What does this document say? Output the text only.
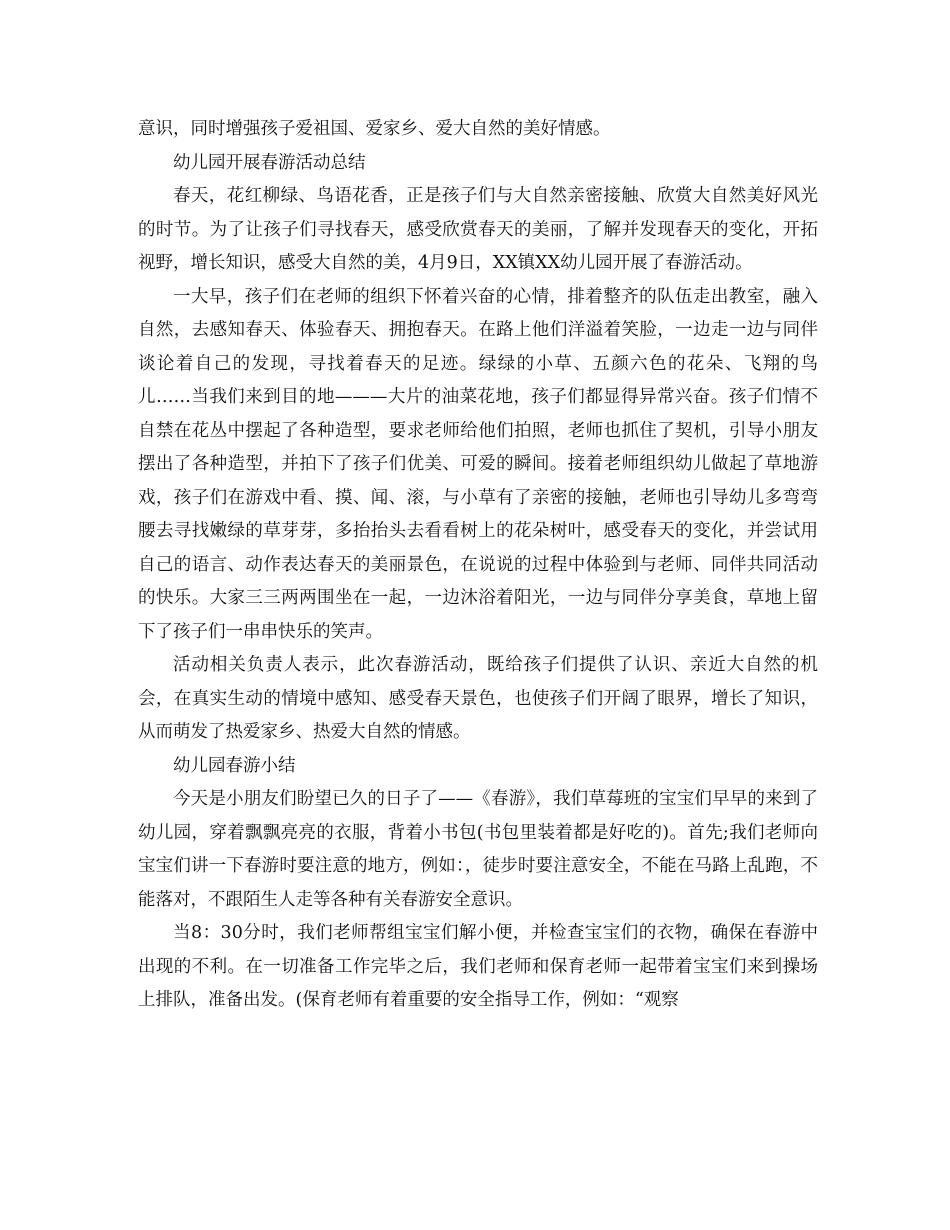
意识，同时增强孩子爱祖国、爱家乡、爱大自然的美好情感。

幼儿园开展春游活动总结

春天，花红柳绿、鸟语花香，正是孩子们与大自然亲密接触、欣赏大自然美好风光的时节。为了让孩子们寻找春天，感受欣赏春天的美丽，了解并发现春天的变化，开拓视野，增长知识，感受大自然的美，4月9日，XX镇XX幼儿园开展了春游活动。

一大早，孩子们在老师的组织下怀着兴奋的心情，排着整齐的队伍走出教室，融入自然，去感知春天、体验春天、拥抱春天。在路上他们洋溢着笑脸，一边走一边与同伴谈论着自己的发现，寻找着春天的足迹。绿绿的小草、五颜六色的花朵、飞翔的鸟儿……当我们来到目的地———大片的油菜花地，孩子们都显得异常兴奋。孩子们情不自禁在花丛中摆起了各种造型，要求老师给他们拍照，老师也抓住了契机，引导小朋友摆出了各种造型，并拍下了孩子们优美、可爱的瞬间。接着老师组织幼儿做起了草地游戏，孩子们在游戏中看、摸、闻、滚，与小草有了亲密的接触，老师也引导幼儿多弯弯腰去寻找嫩绿的草芽芽，多抬抬头去看看树上的花朵树叶，感受春天的变化，并尝试用自己的语言、动作表达春天的美丽景色，在说说的过程中体验到与老师、同伴共同活动的快乐。大家三三两两围坐在一起，一边沐浴着阳光，一边与同伴分享美食，草地上留下了孩子们一串串快乐的笑声。

活动相关负责人表示，此次春游活动，既给孩子们提供了认识、亲近大自然的机会，在真实生动的情境中感知、感受春天景色，也使孩子们开阔了眼界，增长了知识，从而萌发了热爱家乡、热爱大自然的情感。

幼儿园春游小结

今天是小朋友们盼望已久的日子了——《春游》，我们草莓班的宝宝们早早的来到了幼儿园，穿着飘飘亮亮的衣服，背着小书包(书包里装着都是好吃的)。首先;我们老师向宝宝们讲一下春游时要注意的地方，例如：，徒步时要注意安全，不能在马路上乱跑，不能落对，不跟陌生人走等各种有关春游安全意识。

当8：30分时，我们老师帮组宝宝们解小便，并检查宝宝们的衣物，确保在春游中出现的不利。在一切准备工作完毕之后，我们老师和保育老师一起带着宝宝们来到操场上排队，准备出发。(保育老师有着重要的安全指导工作，例如：“观察
